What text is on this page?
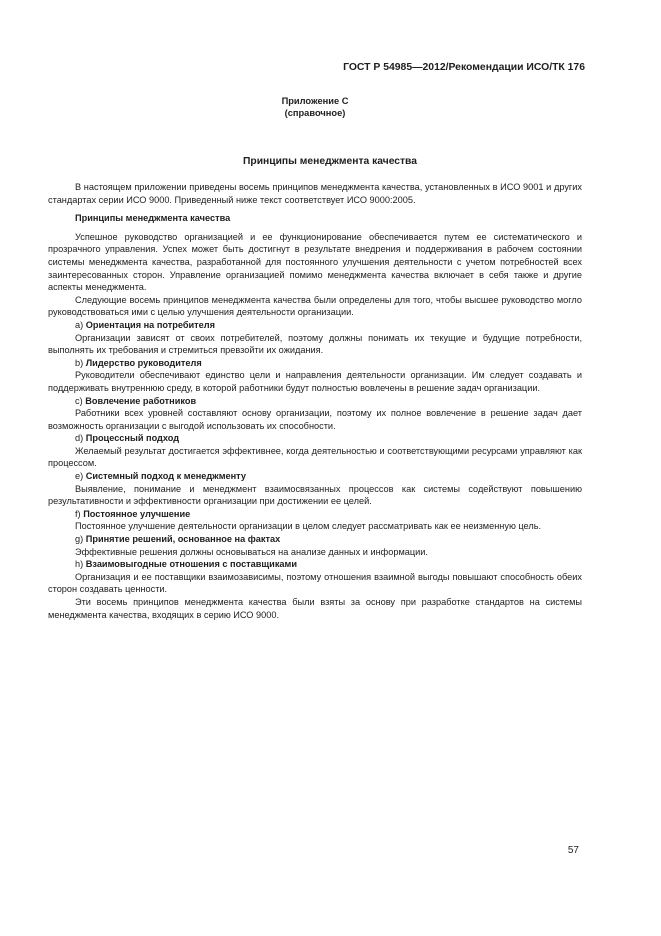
ГОСТ Р 54985—2012/Рекомендации ИСО/ТК 176
Приложение С
(справочное)
Принципы менеджмента качества

В настоящем приложении приведены восемь принципов менеджмента качества, установленных в ИСО 9001 и других стандартах серии ИСО 9000. Приведенный ниже текст соответствует ИСО 9000:2005.

Принципы менеджмента качества

Успешное руководство организацией и ее функционирование обеспечивается путем ее систематического и прозрачного управления. Успех может быть достигнут в результате внедрения и поддерживания в рабочем состоянии системы менеджмента качества, разработанной для постоянного улучшения деятельности с учетом потребностей всех заинтересованных сторон. Управление организацией помимо менеджмента качества включает в себя также и другие аспекты менеджмента.

Следующие восемь принципов менеджмента качества были определены для того, чтобы высшее руководство могло руководствоваться ими с целью улучшения деятельности организации.

a) Ориентация на потребителя

Организации зависят от своих потребителей, поэтому должны понимать их текущие и будущие потребности, выполнять их требования и стремиться превзойти их ожидания.

b) Лидерство руководителя

Руководители обеспечивают единство цели и направления деятельности организации. Им следует создавать и поддерживать внутреннюю среду, в которой работники будут полностью вовлечены в решение задач организации.

c) Вовлечение работников

Работники всех уровней составляют основу организации, поэтому их полное вовлечение в решение задач дает возможность организации с выгодой использовать их способности.

d) Процессный подход

Желаемый результат достигается эффективнее, когда деятельностью и соответствующими ресурсами управляют как процессом.

e) Системный подход к менеджменту

Выявление, понимание и менеджмент взаимосвязанных процессов как системы содействуют повышению результативности и эффективности организации при достижении ее целей.

f) Постоянное улучшение

Постоянное улучшение деятельности организации в целом следует рассматривать как ее неизменную цель.

g) Принятие решений, основанное на фактах

Эффективные решения должны основываться на анализе данных и информации.

h) Взаимовыгодные отношения с поставщиками

Организация и ее поставщики взаимозависимы, поэтому отношения взаимной выгоды повышают способность обеих сторон создавать ценности.

Эти восемь принципов менеджмента качества были взяты за основу при разработке стандартов на системы менеджмента качества, входящих в серию ИСО 9000.

57
